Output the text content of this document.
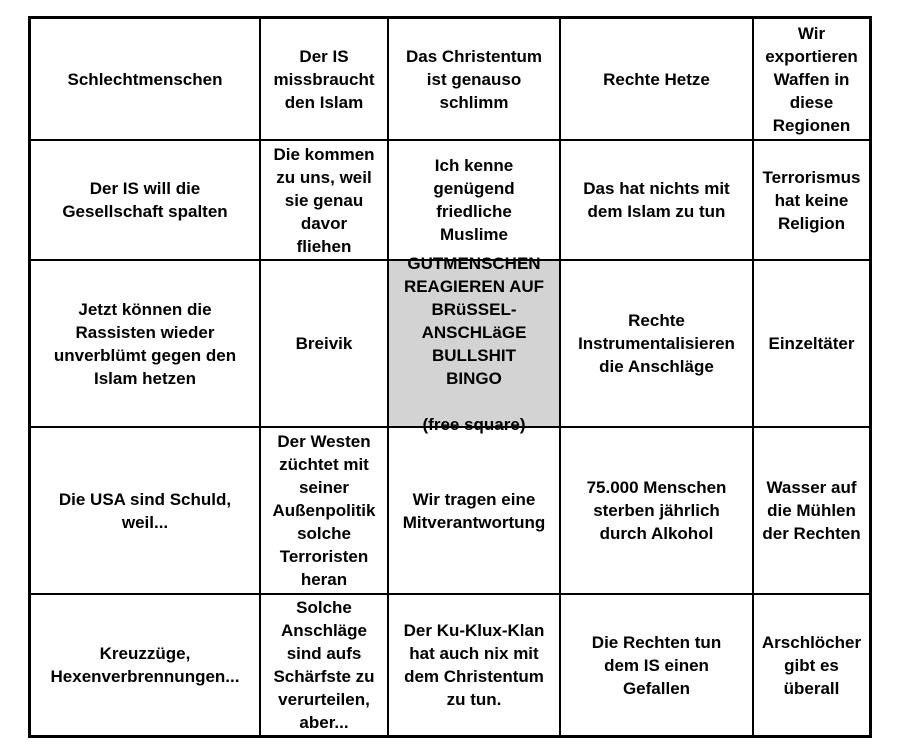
Schlechtmenschen
Der IS
missbraucht
den Islam
Das Christentum
ist genauso
schlimm
Rechte Hetze
Wir
exportieren
Waffen in
diese
Regionen
Der IS will die
Gesellschaft spalten
Die kommen
zu uns, weil
sie genau
davor
fliehen
Ich kenne
genügend
friedliche
Muslime
Das hat nichts mit
dem Islam zu tun
Terrorismus
hat keine
Religion
Jetzt können die
Rassisten wieder
unverblümt gegen den
Islam hetzen
Breivik

GUTMENSCHEN
REAGIEREN AUF
BRüSSEL-
ANSCHLäGE
BULLSHIT
BINGO

(free square)

Rechte
Instrumentalisieren
die Anschläge
Einzeltäter
Die USA sind Schuld,
weil...
Der Westen
züchtet mit
seiner
Außenpolitik
solche
Terroristen
heran
Wir tragen eine
Mitverantwortung
75.000 Menschen
sterben jährlich
durch Alkohol
Wasser auf
die Mühlen
der Rechten
Kreuzzüge,
Hexenverbrennungen...
Solche
Anschläge
sind aufs
Schärfste zu
verurteilen,
aber...
Der Ku-Klux-Klan
hat auch nix mit
dem Christentum
zu tun.
Die Rechten tun
dem IS einen
Gefallen
Arschlöcher
gibt es
überall
